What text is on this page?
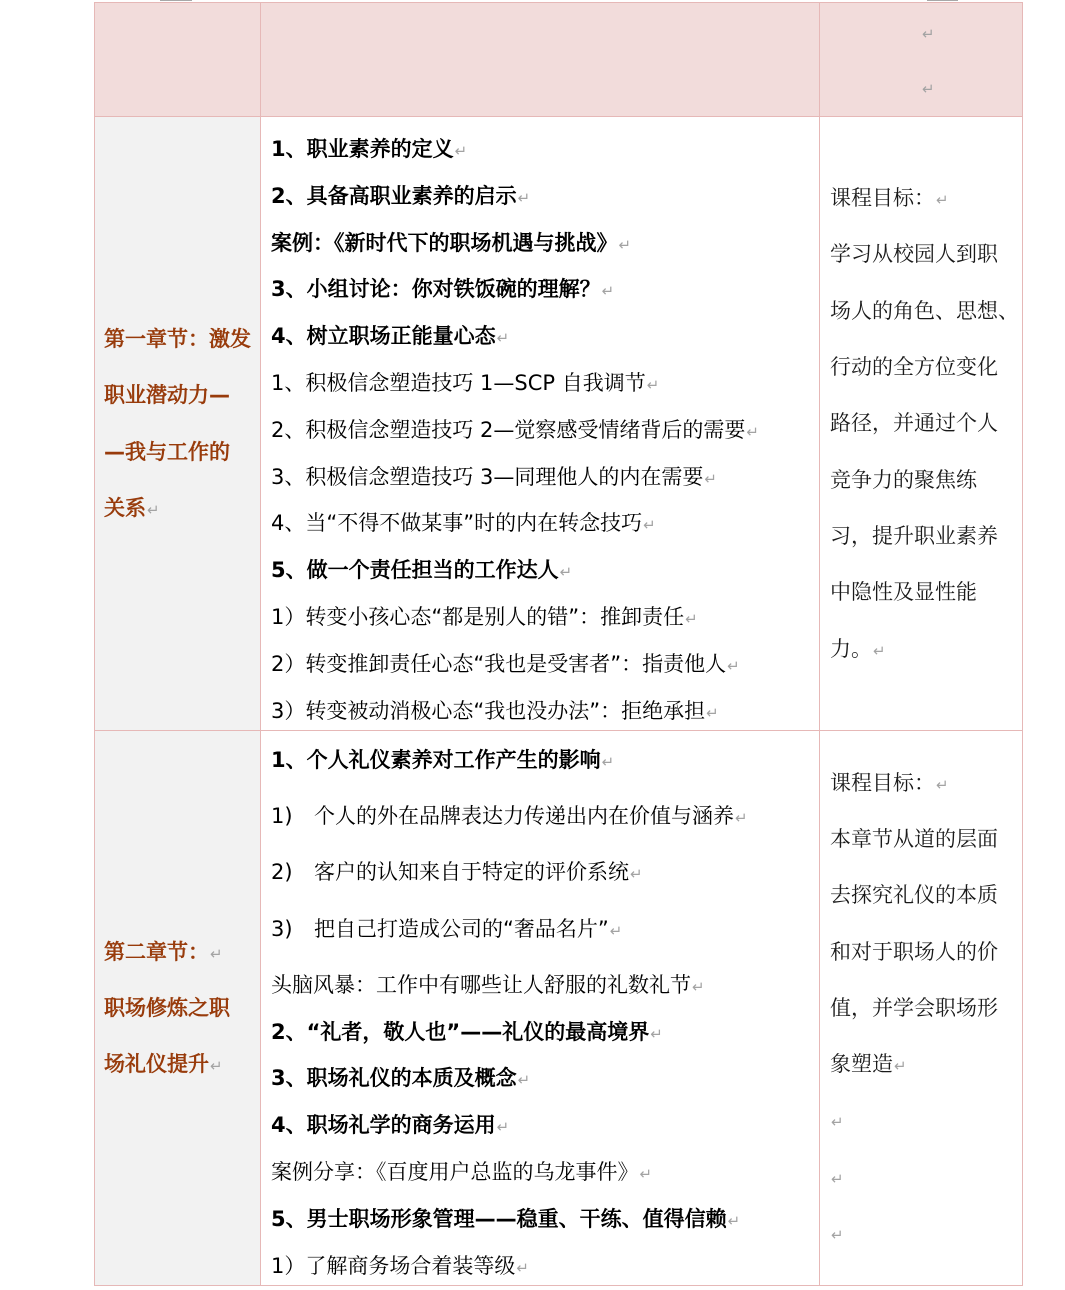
↵
↵
第一章节：激发
职业潜动力—
—我与工作的
关系↵
1、职业素养的定义↵
2、具备高职业素养的启示↵
案例：《新时代下的职场机遇与挑战》↵
3、小组讨论：你对铁饭碗的理解？↵
4、树立职场正能量心态↵
1、积极信念塑造技巧 1—SCP 自我调节↵
2、积极信念塑造技巧 2—觉察感受情绪背后的需要↵
3、积极信念塑造技巧 3—同理他人的内在需要↵
4、当“不得不做某事”时的内在转念技巧↵
5、做一个责任担当的工作达人↵
1）转变小孩心态“都是别人的错”：推卸责任↵
2）转变推卸责任心态“我也是受害者”：指责他人↵
3）转变被动消极心态“我也没办法”：拒绝承担↵
课程目标：↵
学习从校园人到职
场人的角色、思想、
行动的全方位变化
路径，并通过个人
竞争力的聚焦练
习，提升职业素养
中隐性及显性能
力。↵
第二章节：↵
职场修炼之职
场礼仪提升↵
1、个人礼仪素养对工作产生的影响↵
1) 个人的外在品牌表达力传递出内在价值与涵养↵
2) 客户的认知来自于特定的评价系统↵
3) 把自己打造成公司的“奢品名片”↵
头脑风暴：工作中有哪些让人舒服的礼数礼节↵
2、“礼者，敬人也”——礼仪的最高境界↵
3、职场礼仪的本质及概念↵
4、职场礼学的商务运用↵
案例分享：《百度用户总监的乌龙事件》↵
5、男士职场形象管理——稳重、干练、值得信赖↵
1）了解商务场合着装等级↵
课程目标：↵
本章节从道的层面
去探究礼仪的本质
和对于职场人的价
值，并学会职场形
象塑造↵
↵
↵
↵
